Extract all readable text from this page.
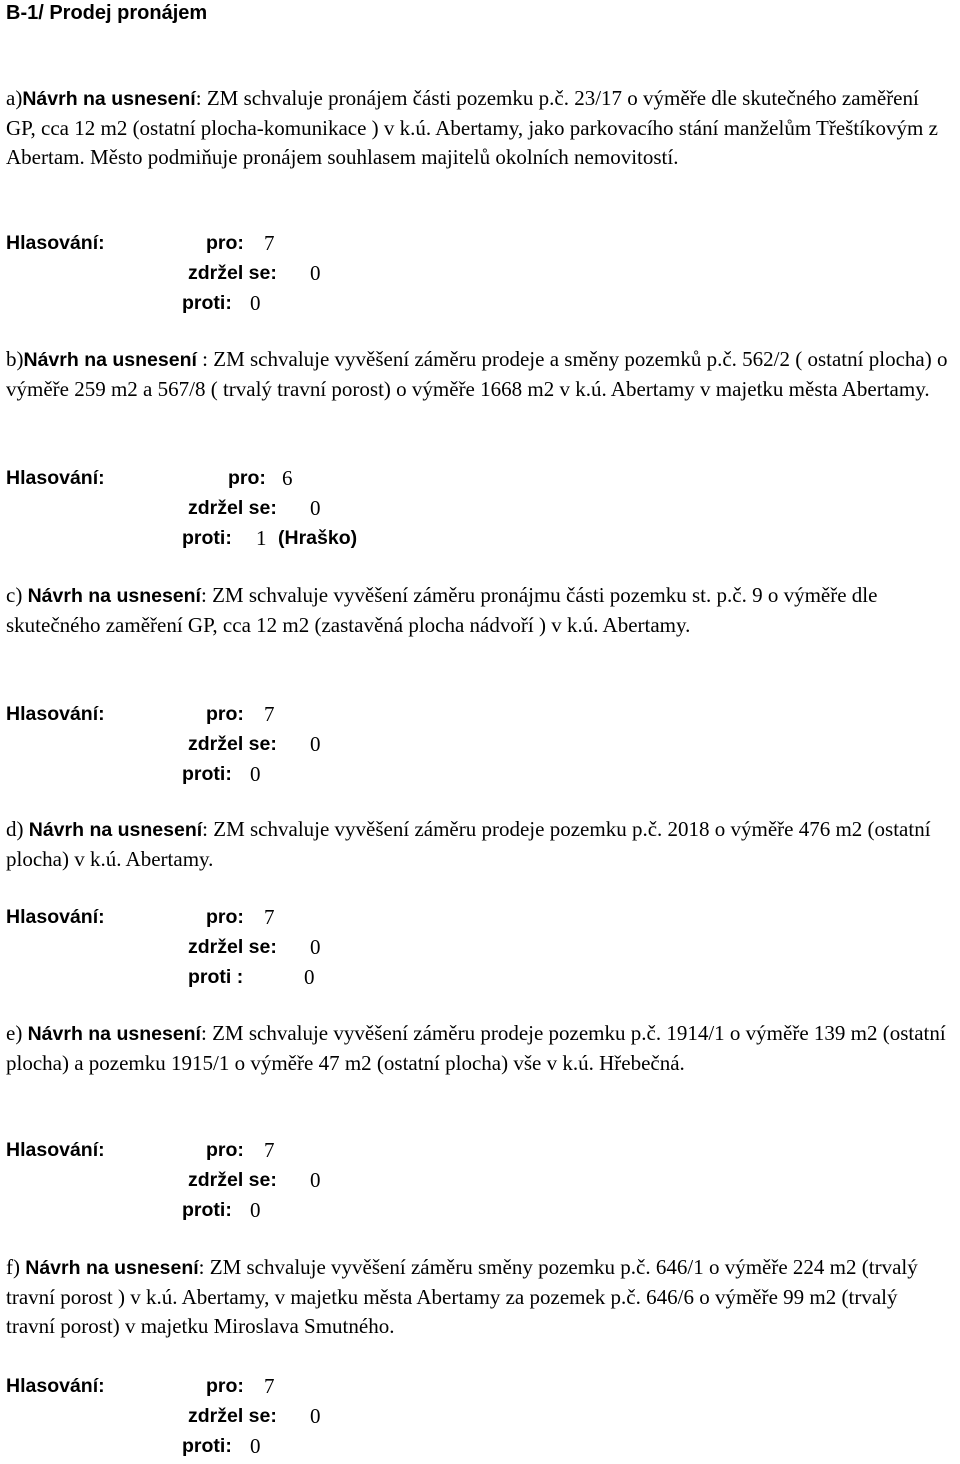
B-1/ Prodej pronájem
a)Návrh na usnesení: ZM schvaluje pronájem části pozemku p.č. 23/17 o výměře dle skutečného zaměření GP, cca 12 m2 (ostatní plocha-komunikace ) v k.ú. Abertamy, jako parkovacího stání manželům Třeštíkovým z Abertam. Město podmiňuje pronájem souhlasem majitelů okolních nemovitostí.
Hlasování:	pro: 7
zdržel se: 0
proti: 0
b)Návrh na usnesení : ZM schvaluje vyvěšení záměru prodeje a směny pozemků p.č. 562/2 ( ostatní plocha) o výměře 259 m2 a 567/8 ( trvalý travní porost) o výměře 1668 m2 v k.ú. Abertamy v majetku města Abertamy.
Hlasování:	pro: 6
zdržel se: 0
proti: 1 (Hraško)
c) Návrh na usnesení: ZM schvaluje vyvěšení záměru pronájmu části pozemku st. p.č. 9 o výměře dle skutečného zaměření GP, cca 12 m2 (zastavěná plocha nádvoří ) v k.ú. Abertamy.
Hlasování:	pro: 7
zdržel se: 0
proti: 0
d) Návrh na usnesení: ZM schvaluje vyvěšení záměru prodeje pozemku p.č. 2018 o výměře 476 m2 (ostatní plocha) v k.ú. Abertamy.
Hlasování:	pro: 7
zdržel se: 0
proti :	0
e) Návrh na usnesení: ZM schvaluje vyvěšení záměru prodeje pozemku p.č. 1914/1 o výměře 139 m2 (ostatní plocha) a pozemku 1915/1 o výměře 47 m2 (ostatní plocha) vše v k.ú. Hřebečná.
Hlasování:	pro: 7
zdržel se: 0
proti: 0
f) Návrh na usnesení: ZM schvaluje vyvěšení záměru směny pozemku p.č. 646/1 o výměře 224 m2 (trvalý travní porost ) v k.ú. Abertamy, v majetku města Abertamy za pozemek p.č. 646/6 o výměře 99 m2 (trvalý travní porost) v majetku Miroslava Smutného.
Hlasování:	pro: 7
zdržel se: 0
proti: 0
